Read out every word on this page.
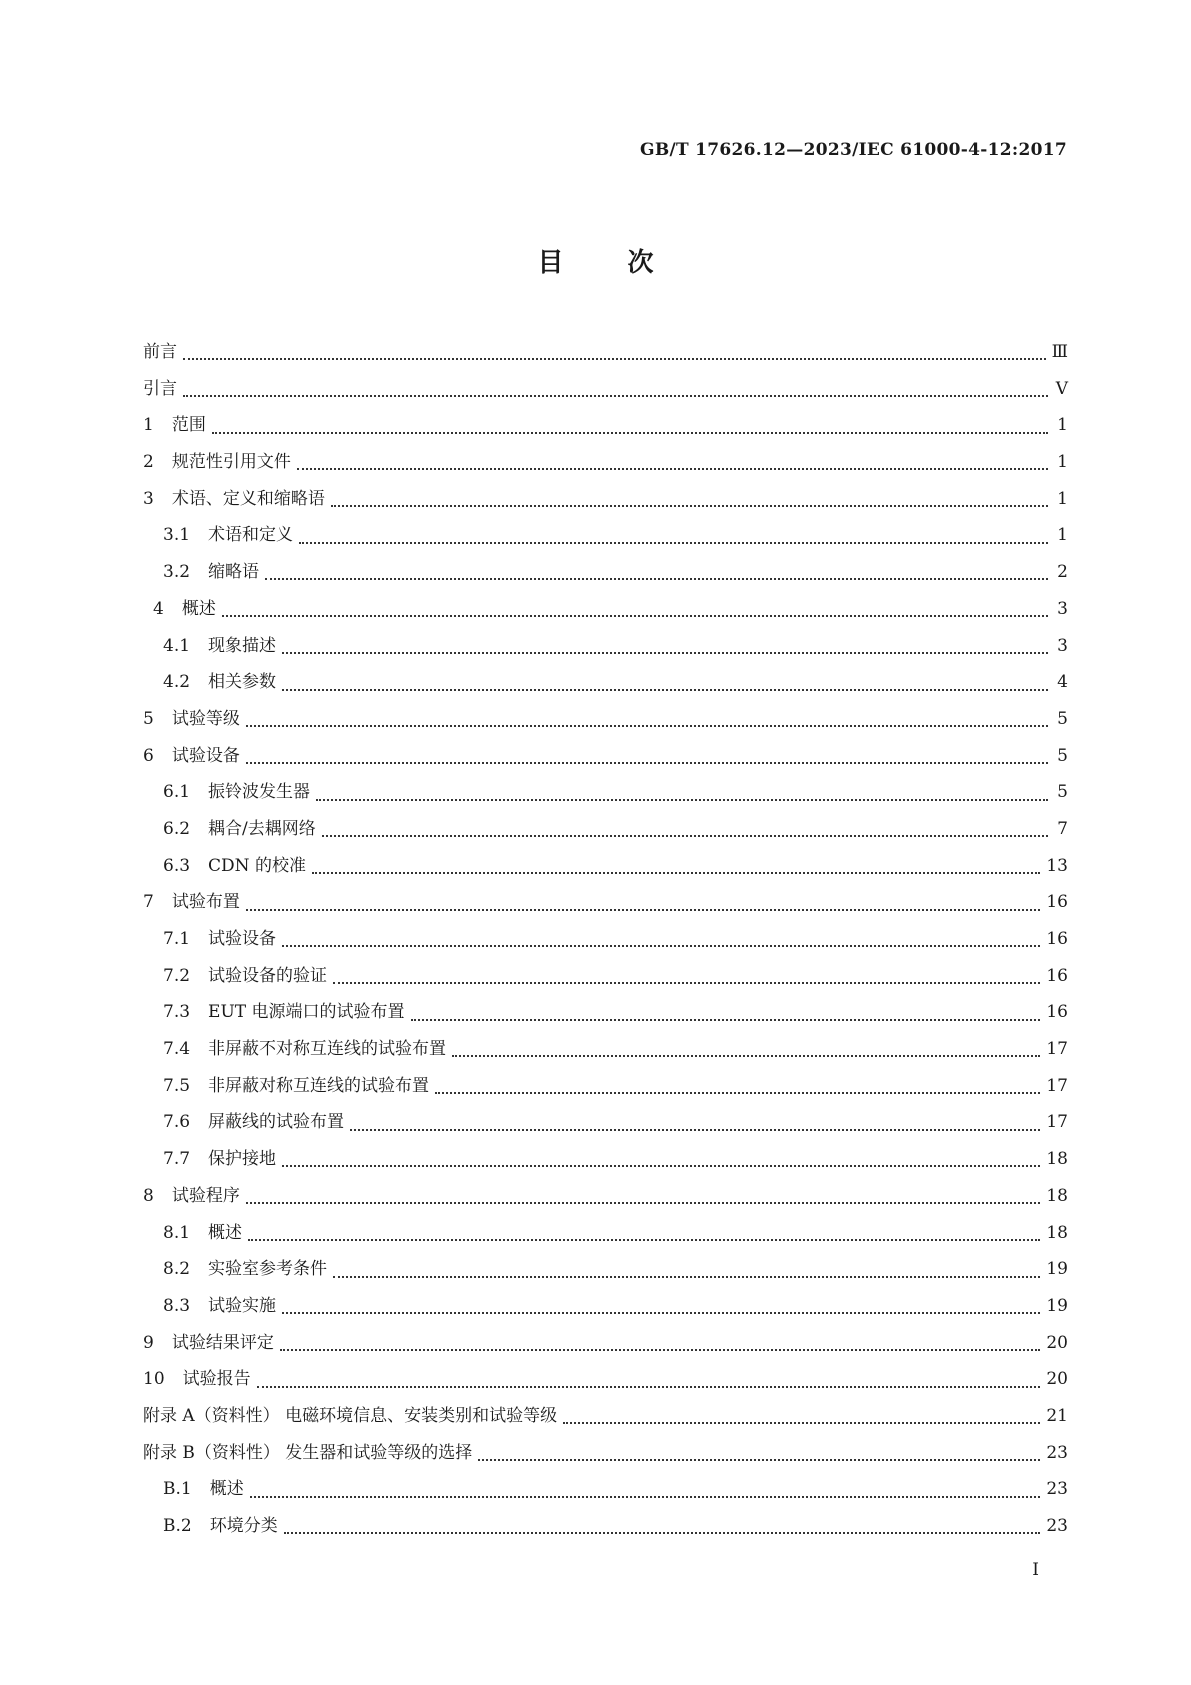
GB/T 17626.12—2023/IEC 61000-4-12:2017
目次
前言	Ⅲ
引言	Ⅴ
1 范围	1
2 规范性引用文件	1
3 术语、定义和缩略语	1
3.1 术语和定义	1
3.2 缩略语	2
4 概述	3
4.1 现象描述	3
4.2 相关参数	4
5 试验等级	5
6 试验设备	5
6.1 振铃波发生器	5
6.2 耦合/去耦网络	7
6.3 CDN 的校准	13
7 试验布置	16
7.1 试验设备	16
7.2 试验设备的验证	16
7.3 EUT 电源端口的试验布置	16
7.4 非屏蔽不对称互连线的试验布置	17
7.5 非屏蔽对称互连线的试验布置	17
7.6 屏蔽线的试验布置	17
7.7 保护接地	18
8 试验程序	18
8.1 概述	18
8.2 实验室参考条件	19
8.3 试验实施	19
9 试验结果评定	20
10 试验报告	20
附录 A（资料性） 电磁环境信息、安装类别和试验等级	21
附录 B（资料性） 发生器和试验等级的选择	23
B.1 概述	23
B.2 环境分类	23
I
